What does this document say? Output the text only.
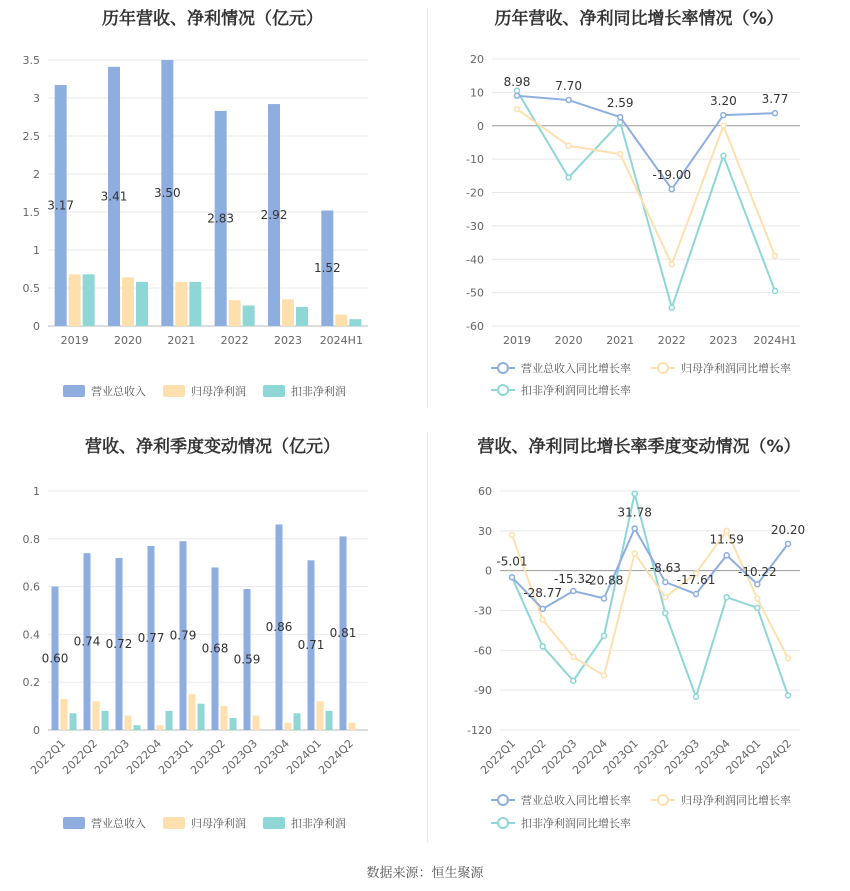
历年营收、净利情况（亿元）
0
0.5
1
1.5
2
2.5
3
3.5
2019 2020 2021 2022 2023 2024H1
3.17
3.41 3.50
2.83 2.92
1.52
营业总收入	归母净利润	扣非净利润
历年营收、净利同比增长率情况（%）
20
10
0
-10
-20
-30
-40
-50
-60
2019 2020 2021 2022 2023 2024H1
8.98 7.70
2.59
-19.00
3.20 3.77
营业总收入同比增长率	归母净利润同比增长率
扣非净利润同比增长率
营收、净利季度变动情况（亿元）
0
0.2
0.4
0.6
0.8
1
2022Q1
2022Q2
2022Q3
2022Q4
2023Q1
2023Q2
2023Q3
2023Q4
2024Q1
2024Q2
0.60
0.74 0.72 0.77 0.79
0.68
0.59
0.86
0.71
0.81
营业总收入	归母净利润	扣非净利润
营收、净利同比增长率季度变动情况（%）
60
30
0
-30
-60
-90
-120
2022Q1
2022Q2
2022Q3
2022Q4
2023Q1
2023Q2
2023Q3
2023Q4
2024Q1
2024Q2
-5.01
-28.77
-15.32
-20.88
31.78
-8.63
-17.61
11.59
-10.22
20.20
营业总收入同比增长率	归母净利润同比增长率
扣非净利润同比增长率
数据来源：恒生聚源
